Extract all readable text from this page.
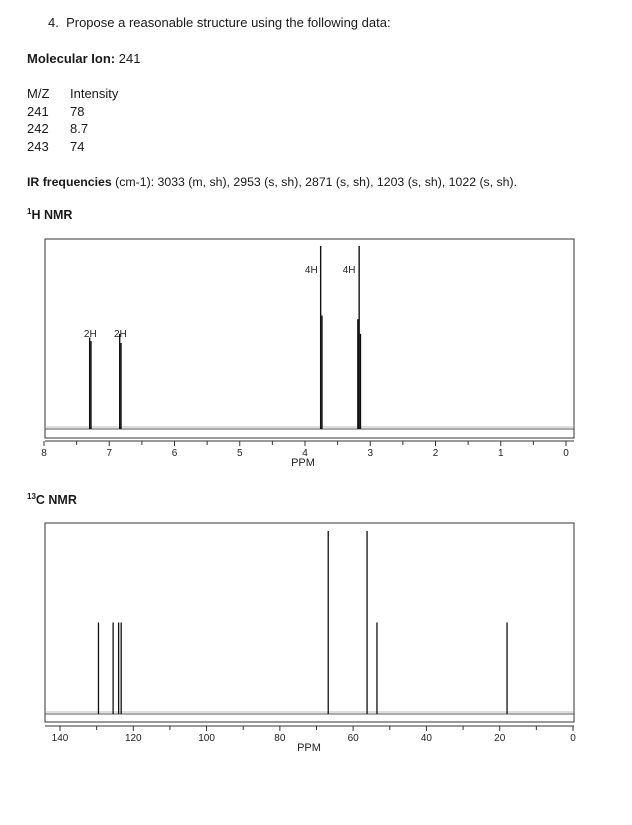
4. Propose a reasonable structure using the following data:
Molecular Ion: 241
M/Z	Intensity
241	78
242	8.7
243	74
IR frequencies (cm-1): 3033 (m, sh), 2953 (s, sh), 2871 (s, sh), 1203 (s, sh), 1022 (s, sh).
$^1$H NMR
8	7	6	5	4	3	2	1	0
PPM
2H 2H
4H	4H
140	120	100	80	60	40	20	0
PPM
$^{13}$C NMR
